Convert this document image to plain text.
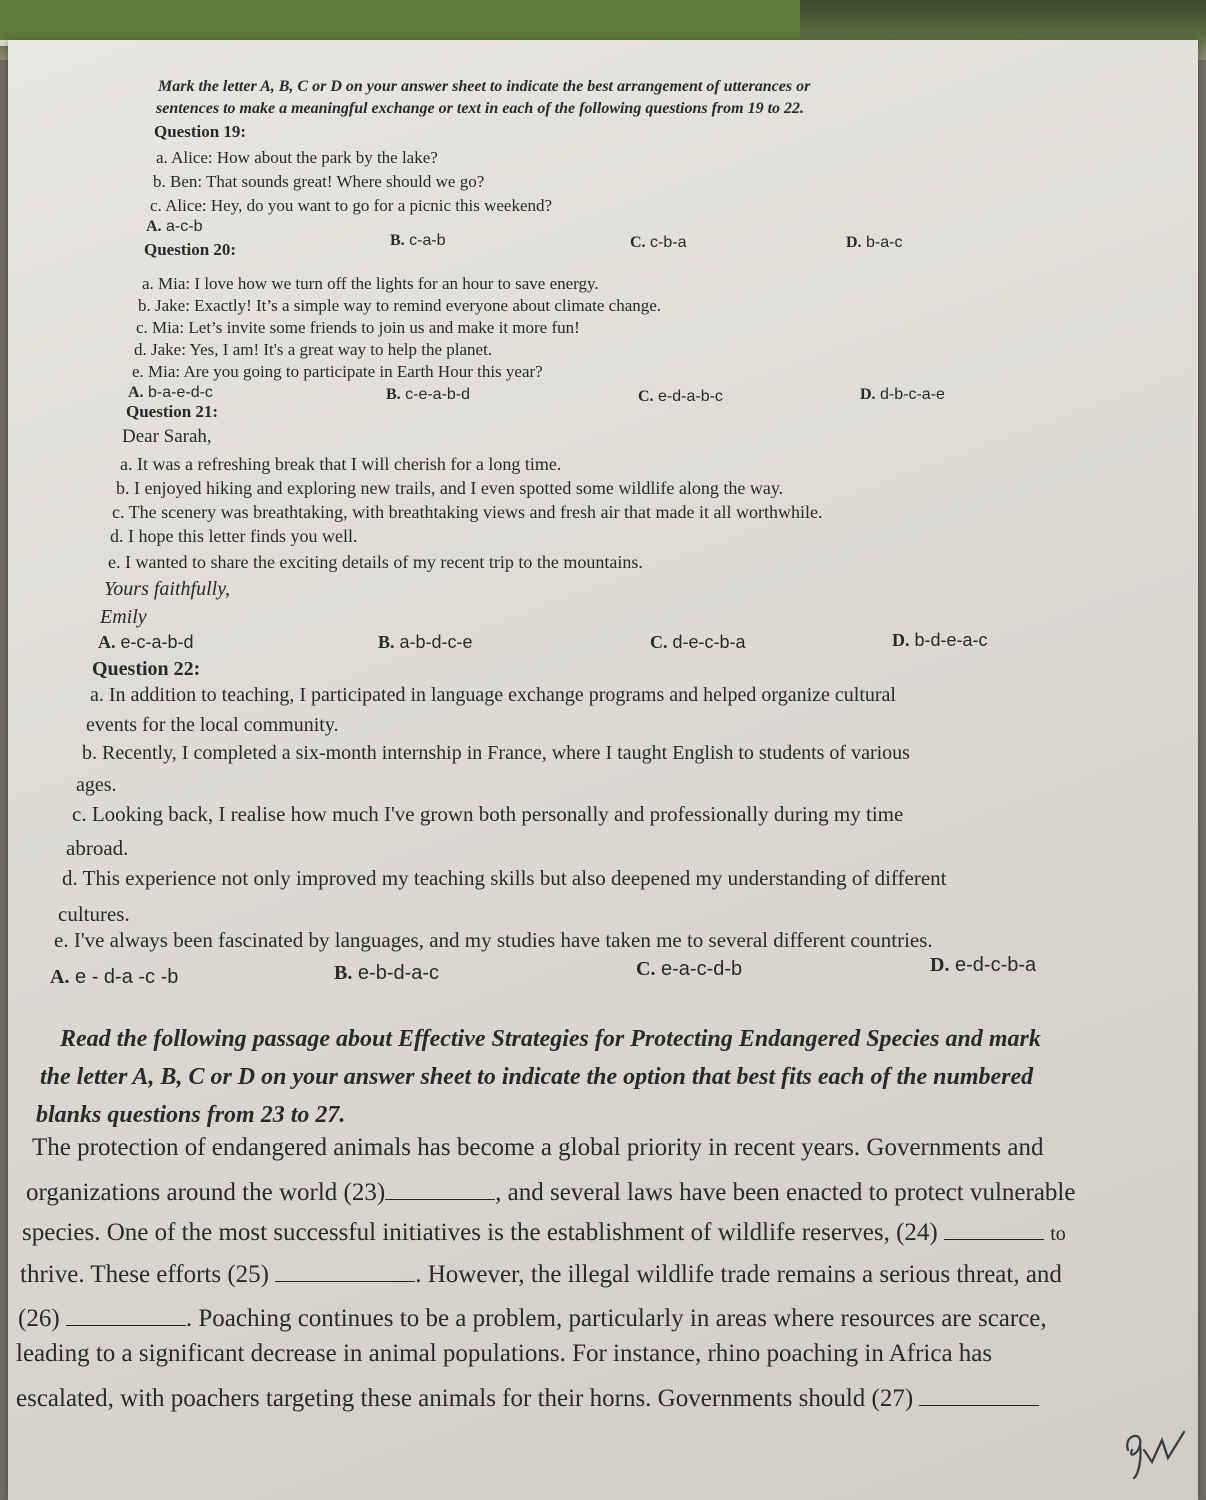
Mark the letter A, B, C or D on your answer sheet to indicate the best arrangement of utterances or
sentences to make a meaningful exchange or text in each of the following questions from 19 to 22.
Question 19:
a. Alice: How about the park by the lake?
b. Ben: That sounds great! Where should we go?
c. Alice: Hey, do you want to go for a picnic this weekend?
A. a-c-b
B. c-a-b	C. c-b-a	D. b-a-c
Question 20:
a. Mia: I love how we turn off the lights for an hour to save energy.
b. Jake: Exactly! It’s a simple way to remind everyone about climate change.
c. Mia: Let’s invite some friends to join us and make it more fun!
d. Jake: Yes, I am! It's a great way to help the planet.
e. Mia: Are you going to participate in Earth Hour this year?
A. b-a-e-d-c	B. c-e-a-b-d	C. e-d-a-b-c	D. d-b-c-a-e
Question 21:
Dear Sarah,
a. It was a refreshing break that I will cherish for a long time.
b. I enjoyed hiking and exploring new trails, and I even spotted some wildlife along the way.
c. The scenery was breathtaking, with breathtaking views and fresh air that made it all worthwhile.
d. I hope this letter finds you well.
e. I wanted to share the exciting details of my recent trip to the mountains.
Yours faithfully,
Emily
A. e-c-a-b-d	B. a-b-d-c-e	C. d-e-c-b-a	D. b-d-e-a-c
Question 22:
a. In addition to teaching, I participated in language exchange programs and helped organize cultural
events for the local community.
b. Recently, I completed a six-month internship in France, where I taught English to students of various
ages.
c. Looking back, I realise how much I've grown both personally and professionally during my time
abroad.
d. This experience not only improved my teaching skills but also deepened my understanding of different
cultures.
e. I've always been fascinated by languages, and my studies have taken me to several different countries.
A. e - d-a -c -b	B. e-b-d-a-c	C. e-a-c-d-b	D. e-d-c-b-a
Read the following passage about Effective Strategies for Protecting Endangered Species and mark
the letter A, B, C or D on your answer sheet to indicate the option that best fits each of the numbered
blanks questions from 23 to 27.
The protection of endangered animals has become a global priority in recent years. Governments and
organizations around the world (23)	, and several laws have been enacted to protect vulnerable
species. One of the most successful initiatives is the establishment of wildlife reserves, (24)	to
thrive. These efforts (25)	. However, the illegal wildlife trade remains a serious threat, and
(26)	. Poaching continues to be a problem, particularly in areas where resources are scarce,
leading to a significant decrease in animal populations. For instance, rhino poaching in Africa has
escalated, with poachers targeting these animals for their horns. Governments should (27)
